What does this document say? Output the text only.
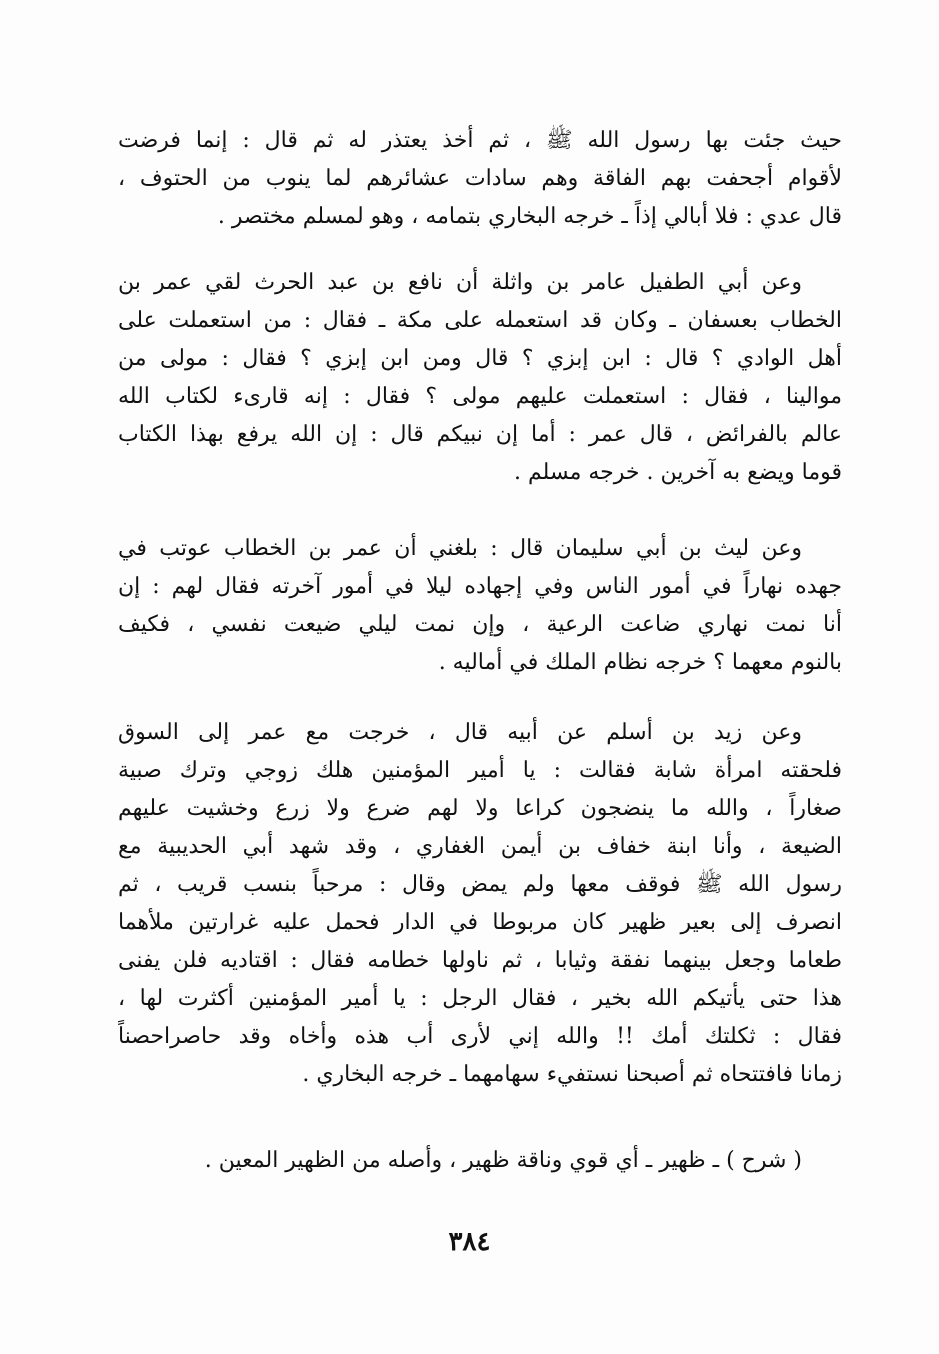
حيث جئت بها رسول الله ﷺ ، ثم أخذ يعتذر له ثم قال : إنما فرضت
لأقوام أجحفت بهم الفاقة وهم سادات عشائرهم لما ينوب من الحتوف ،
قال عدي : فلا أبالي إذاً ـ خرجه البخاري بتمامه ، وهو لمسلم مختصر .
وعن أبي الطفيل عامر بن واثلة أن نافع بن عبد الحرث لقي عمر بن
الخطاب بعسفان ـ وكان قد استعمله على مكة ـ فقال : من استعملت على
أهل الوادي ؟ قال : ابن إبزي ؟ قال ومن ابن إبزي ؟ فقال : مولى من
موالينا ، فقال : استعملت عليهم مولى ؟ فقال : إنه قارىء لكتاب الله
عالم بالفرائض ، قال عمر : أما إن نبيكم قال : إن الله يرفع بهذا الكتاب
قوما ويضع به آخرين . خرجه مسلم .
وعن ليث بن أبي سليمان قال : بلغني أن عمر بن الخطاب عوتب في
جهده نهاراً في أمور الناس وفي إجهاده ليلا في أمور آخرته فقال لهم : إن
أنا نمت نهاري ضاعت الرعية ، وإن نمت ليلي ضيعت نفسي ، فكيف
بالنوم معهما ؟ خرجه نظام الملك في أماليه .
وعن زيد بن أسلم عن أبيه قال ، خرجت مع عمر إلى السوق
فلحقته امرأة شابة فقالت : يا أمير المؤمنين هلك زوجي وترك صبية
صغاراً ، والله ما ينضجون كراعا ولا لهم ضرع ولا زرع وخشيت عليهم
الضيعة ، وأنا ابنة خفاف بن أيمن الغفاري ، وقد شهد أبي الحديبية مع
رسول الله ﷺ فوقف معها ولم يمض وقال : مرحباً بنسب قريب ، ثم
انصرف إلى بعير ظهير كان مربوطا في الدار فحمل عليه غرارتين ملأهما
طعاما وجعل بينهما نفقة وثيابا ، ثم ناولها خطامه فقال : اقتاديه فلن يفنى
هذا حتى يأتيكم الله بخير ، فقال الرجل : يا أمير المؤمنين أكثرت لها ،
فقال : ثكلتك أمك !! والله إني لأرى أب هذه وأخاه وقد حاصراحصناً
زمانا فافتتحاه ثم أصبحنا نستفيء سهامهما ـ خرجه البخاري .
( شرح ) ـ ظهير ـ أي قوي وناقة ظهير ، وأصله من الظهير المعين .
٣٨٤
